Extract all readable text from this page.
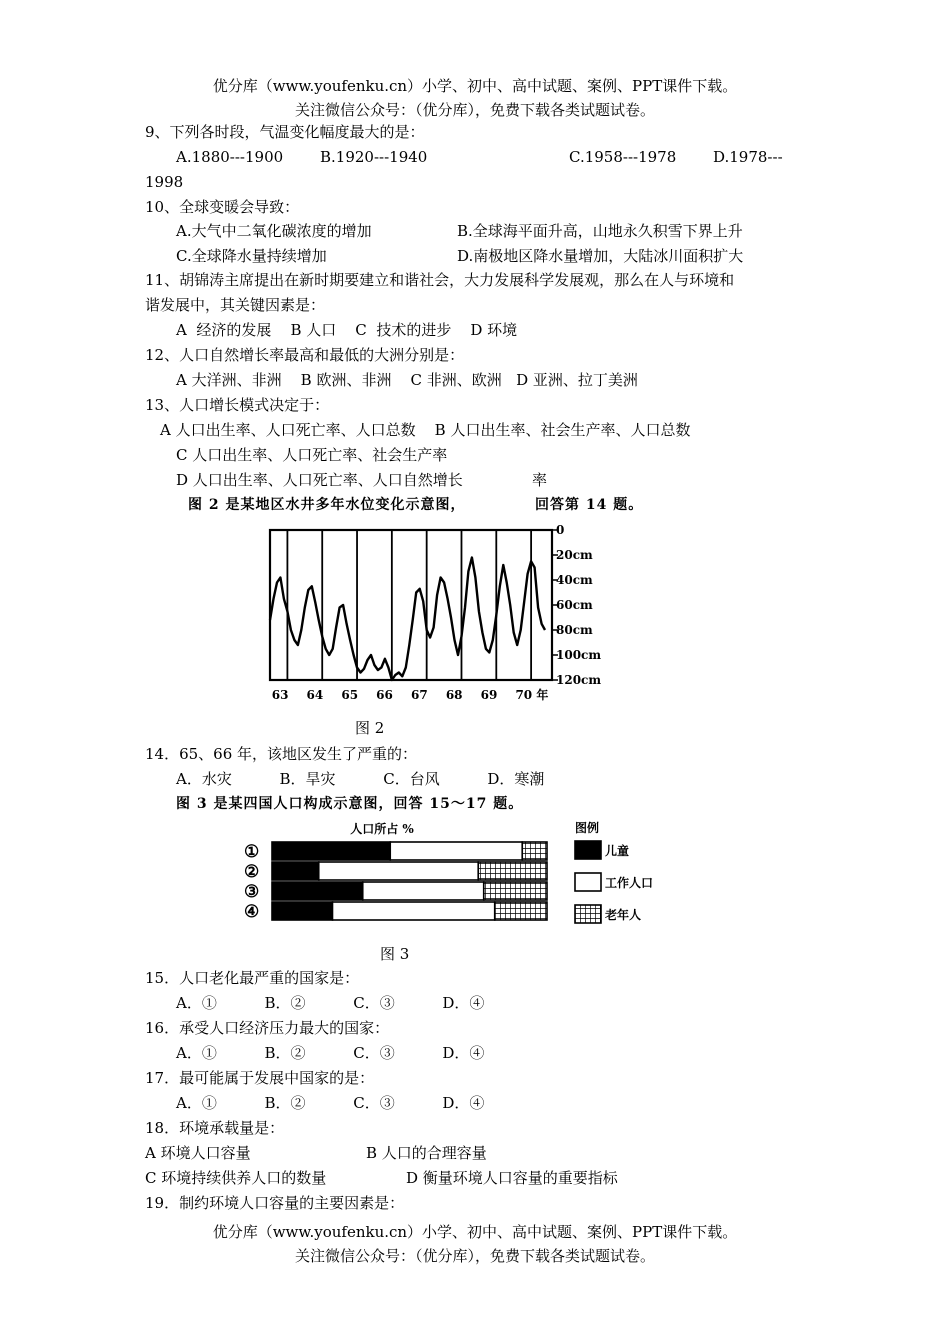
优分库（www.youfenku.cn）小学、初中、高中试题、案例、PPT课件下载。
关注微信公众号：（优分库），免费下载各类试题试卷。
9、下列各时段，气温变化幅度最大的是：
A.1880---1900 B.1920---1940	C.1958---1978 D.1978---
1998
10、全球变暖会导致：
A.大气中二氧化碳浓度的增加	B.全球海平面升高，山地永久积雪下界上升
C.全球降水量持续增加	D.南极地区降水量增加，大陆冰川面积扩大
11、胡锦涛主席提出在新时期要建立和谐社会，大力发展科学发展观，那么在人与环境和
谐发展中，其关键因素是：
A  经济的发展    B 人口    C  技术的进步    D 环境
12、人口自然增长率最高和最低的大洲分别是：
A 大洋洲、非洲    B 欧洲、非洲    C 非洲、欧洲   D 亚洲、拉丁美洲
13、人口增长模式决定于：
A 人口出生率、人口死亡率、人口总数    B 人口出生率、社会生产率、人口总数
C 人口出生率、人口死亡率、社会生产率
D 人口出生率、人口死亡率、人口自然增长	率
图 2 是某地区水井多年水位变化示意图，	回答第 14 题。
0
20cm
40cm
60cm
80cm
100cm
120cm
63 64 65 66 67 68 69 70 年
图 2
14．65、66 年，该地区发生了严重的：
A．水灾          B．旱灾          C．台风          D．寒潮
图 3 是某四国人口构成示意图，回答 15～17 题。
人口所占 %
①
②
③
④
图例
儿童
工作人口
老年人
图 3
15．人口老化最严重的国家是：
A．①          B．②          C．③          D．④
16．承受人口经济压力最大的国家：
A．①          B．②          C．③          D．④
17．最可能属于发展中国家的是：
A．①          B．②          C．③          D．④
18．环境承载量是：
A 环境人口容量	B 人口的合理容量
C 环境持续供养人口的数量	D 衡量环境人口容量的重要指标
19．制约环境人口容量的主要因素是：
优分库（www.youfenku.cn）小学、初中、高中试题、案例、PPT课件下载。
关注微信公众号：（优分库），免费下载各类试题试卷。
